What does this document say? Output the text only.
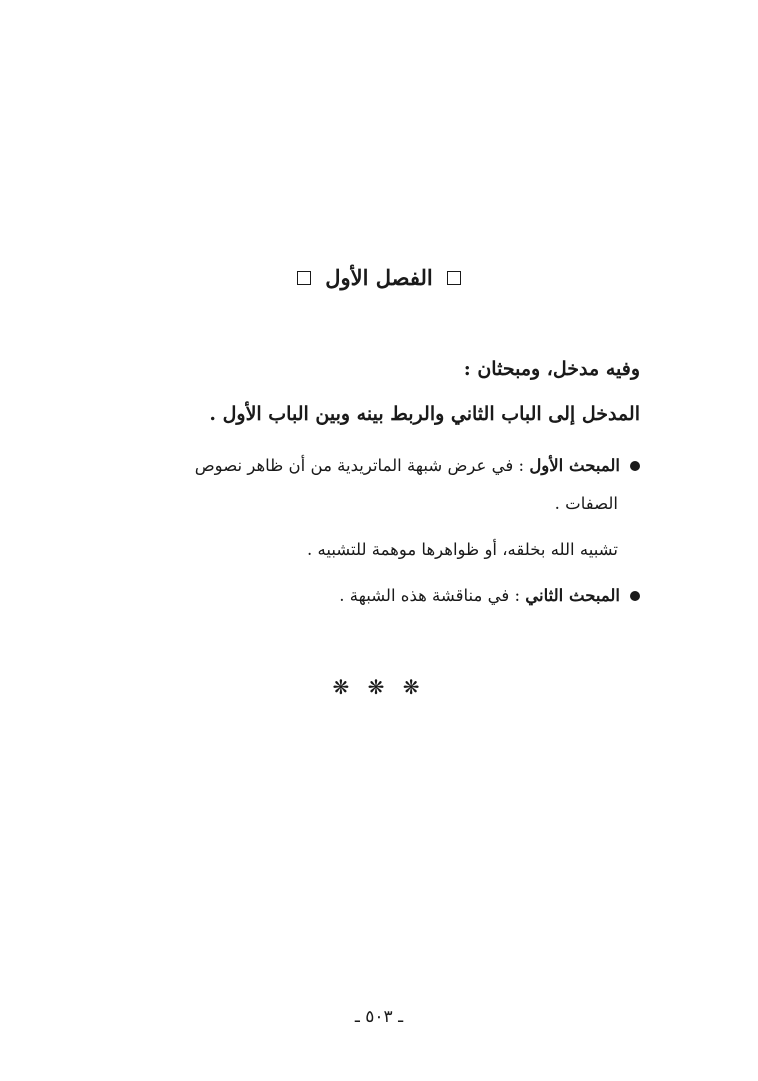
الفصل الأول
وفيه مدخل، ومبحثان :
المدخل إلى الباب الثاني والربط بينه وبين الباب الأول .
المبحث الأول : في عرض شبهة الماتريدية من أن ظاهر نصوص
الصفات .
تشبيه الله بخلقه، أو ظواهرها موهمة للتشبيه .
المبحث الثاني : في مناقشة هذه الشبهة .
❋ ❋ ❋
ـ ٥٠٣ ـ
